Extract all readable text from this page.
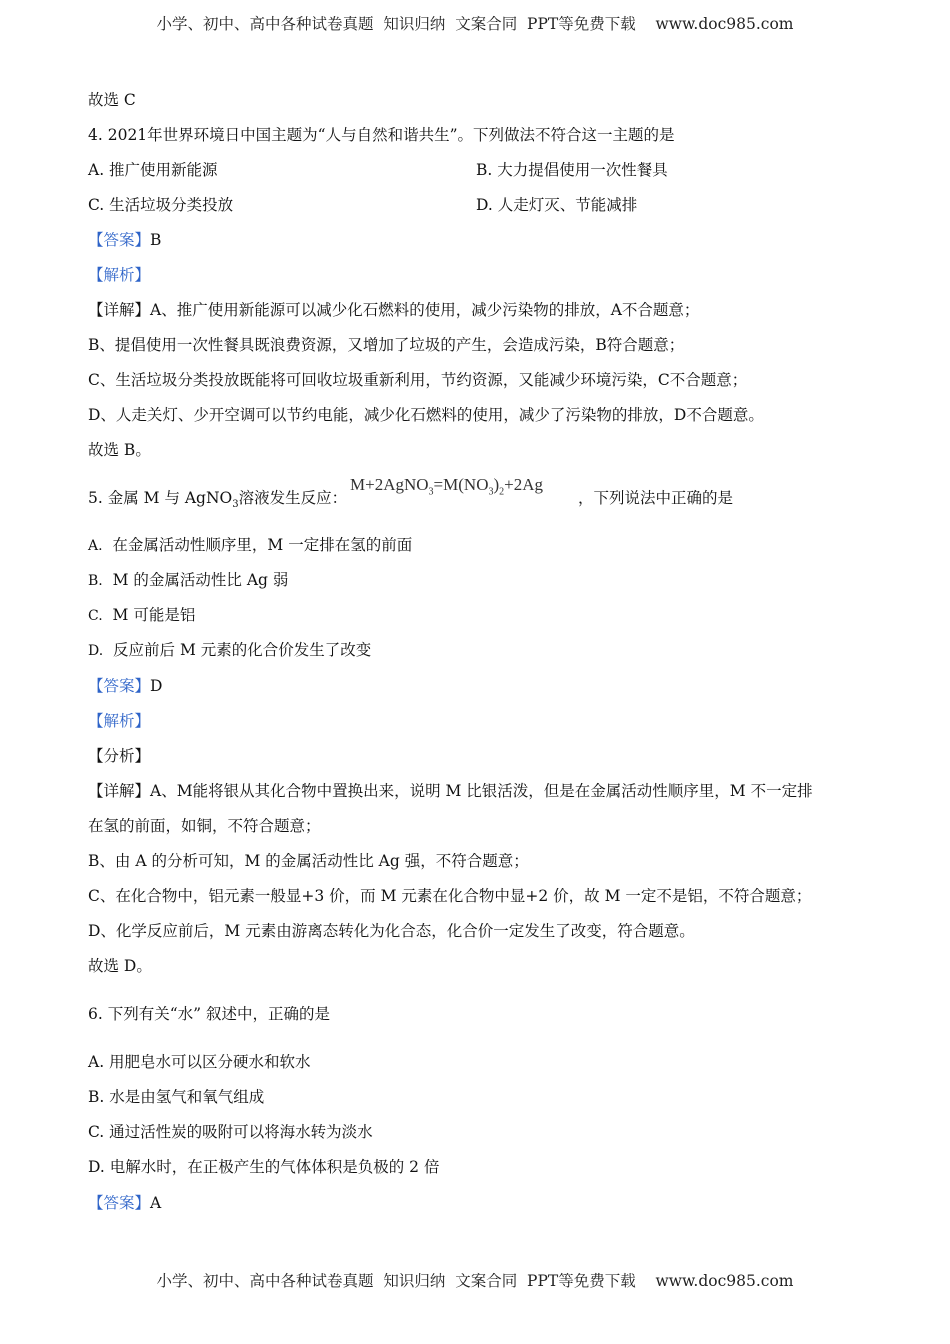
小学、初中、高中各种试卷真题  知识归纳  文案合同  PPT等免费下载    www.doc985.com
故选 C
4. 2021年世界环境日中国主题为“人与自然和谐共生”。下列做法不符合这一主题的是
A. 推广使用新能源	B. 大力提倡使用一次性餐具
C. 生活垃圾分类投放	D. 人走灯灭、节能减排
【答案】B
【解析】
【详解】A、推广使用新能源可以减少化石燃料的使用，减少污染物的排放，A不合题意；
B、提倡使用一次性餐具既浪费资源，又增加了垃圾的产生，会造成污染，B符合题意；
C、生活垃圾分类投放既能将可回收垃圾重新利用，节约资源，又能减少环境污染，C不合题意；
D、人走关灯、少开空调可以节约电能，减少化石燃料的使用，减少了污染物的排放，D不合题意。
故选 B。
5. 金属 M 与 AgNO$_3$溶液发生反应：
$M+2AgNO_3=M(NO_3)_2+2Ag$
，下列说法中正确的是
A. 在金属活动性顺序里，M 一定排在氢的前面
B. M 的金属活动性比 Ag 弱
C. M 可能是铝
D. 反应前后 M 元素的化合价发生了改变
【答案】D
【解析】
【分析】
【详解】A、M能将银从其化合物中置换出来，说明 M 比银活泼，但是在金属活动性顺序里，M 不一定排
在氢的前面，如铜，不符合题意；
B、由 A 的分析可知，M 的金属活动性比 Ag 强，不符合题意；
C、在化合物中，铝元素一般显+3 价，而 M 元素在化合物中显+2 价，故 M 一定不是铝，不符合题意；
D、化学反应前后，M 元素由游离态转化为化合态，化合价一定发生了改变，符合题意。
故选 D。
6. 下列有关“水” 叙述中，正确的是
A. 用肥皂水可以区分硬水和软水
B. 水是由氢气和氧气组成
C. 通过活性炭的吸附可以将海水转为淡水
D. 电解水时，在正极产生的气体体积是负极的 2 倍
【答案】A
小学、初中、高中各种试卷真题  知识归纳  文案合同  PPT等免费下载    www.doc985.com
